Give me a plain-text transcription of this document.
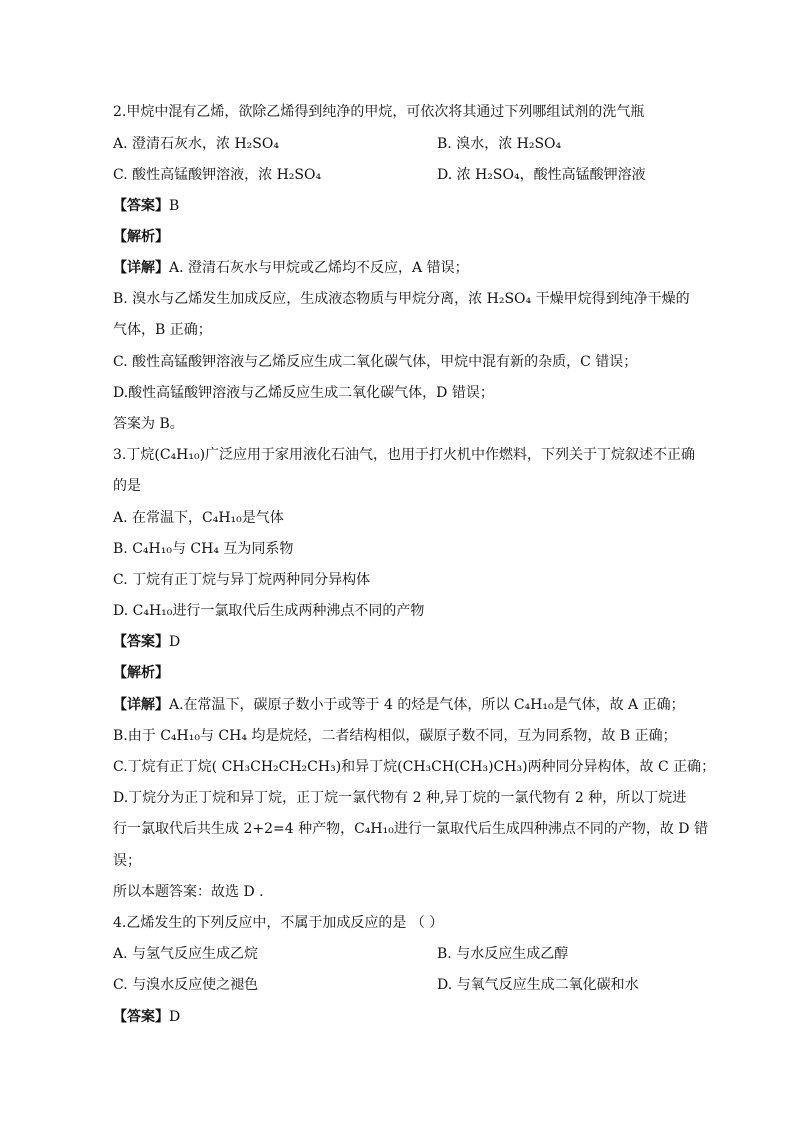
2.甲烷中混有乙烯，欲除乙烯得到纯净的甲烷，可依次将其通过下列哪组试剂的洗气瓶
A. 澄清石灰水，浓 H₂SO₄	B. 溴水，浓 H₂SO₄
C. 酸性高锰酸钾溶液，浓 H₂SO₄	D. 浓 H₂SO₄，酸性高锰酸钾溶液
【答案】B
【解析】
【详解】A. 澄清石灰水与甲烷或乙烯均不反应，A 错误；
B. 溴水与乙烯发生加成反应，生成液态物质与甲烷分离，浓 H₂SO₄ 干燥甲烷得到纯净干燥的
气体，B 正确；
C. 酸性高锰酸钾溶液与乙烯反应生成二氧化碳气体，甲烷中混有新的杂质，C 错误；
D.酸性高锰酸钾溶液与乙烯反应生成二氧化碳气体，D 错误；
答案为 B。
3.丁烷(C₄H₁₀)广泛应用于家用液化石油气，也用于打火机中作燃料，下列关于丁烷叙述不正确
的是
A. 在常温下，C₄H₁₀是气体
B. C₄H₁₀与 CH₄ 互为同系物
C. 丁烷有正丁烷与异丁烷两种同分异构体
D. C₄H₁₀进行一氯取代后生成两种沸点不同的产物
【答案】D
【解析】
【详解】A.在常温下，碳原子数小于或等于 4 的烃是气体，所以 C₄H₁₀是气体，故 A 正确；
B.由于 C₄H₁₀与 CH₄ 均是烷烃，二者结构相似，碳原子数不同，互为同系物，故 B 正确；
C.丁烷有正丁烷( CH₃CH₂CH₂CH₃)和异丁烷(CH₃CH(CH₃)CH₃)两种同分异构体，故 C 正确；
D.丁烷分为正丁烷和异丁烷，正丁烷一氯代物有 2 种,异丁烷的一氯代物有 2 种，所以丁烷进
行一氯取代后共生成 2+2=4 种产物，C₄H₁₀进行一氯取代后生成四种沸点不同的产物，故 D 错
误；
所以本题答案：故选 D .
4.乙烯发生的下列反应中，不属于加成反应的是 （ ）
A. 与氢气反应生成乙烷	B. 与水反应生成乙醇
C. 与溴水反应使之褪色	D. 与氧气反应生成二氧化碳和水
【答案】D
